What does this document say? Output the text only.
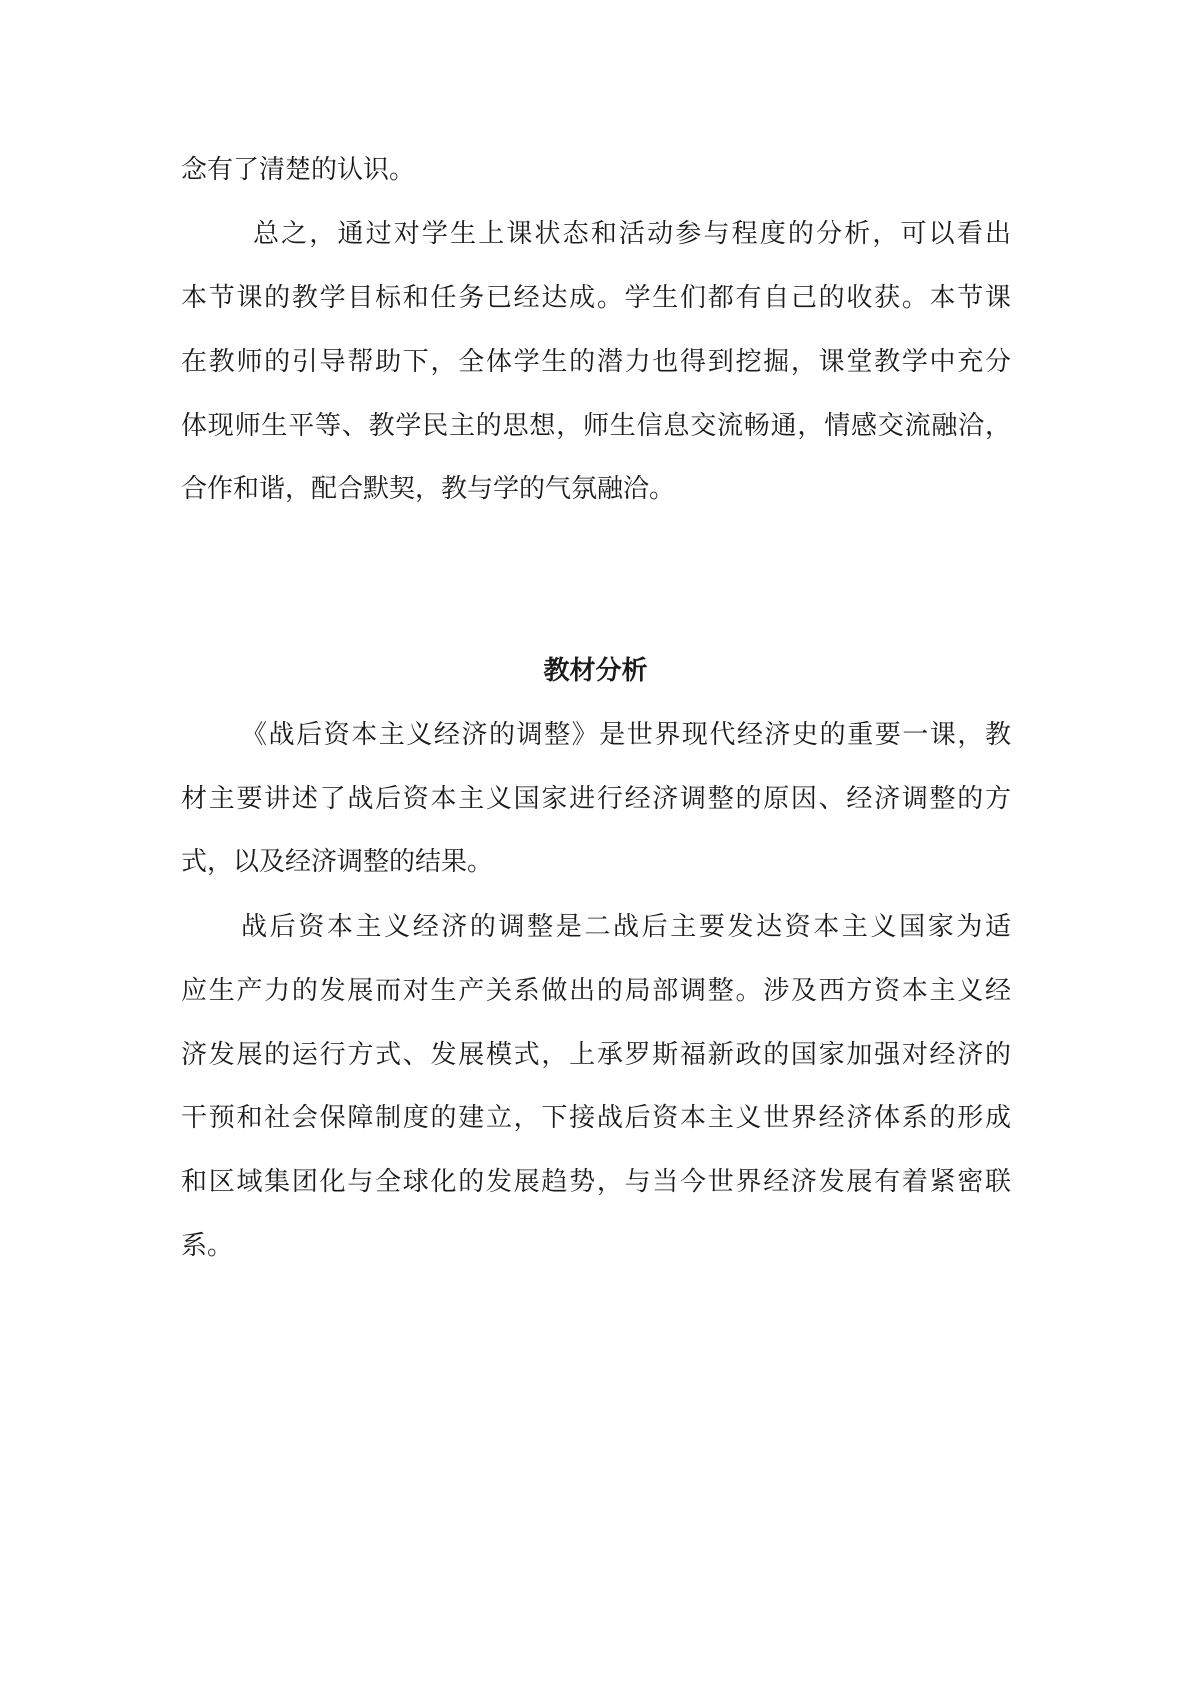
念有了清楚的认识。

总之，通过对学生上课状态和活动参与程度的分析，可以看出

本节课的教学目标和任务已经达成。学生们都有自己的收获。本节课

在教师的引导帮助下，全体学生的潜力也得到挖掘，课堂教学中充分

体现师生平等、教学民主的思想，师生信息交流畅通，情感交流融洽，

合作和谐，配合默契，教与学的气氛融洽。

教材分析

《战后资本主义经济的调整》是世界现代经济史的重要一课，教

材主要讲述了战后资本主义国家进行经济调整的原因、经济调整的方

式，以及经济调整的结果。

战后资本主义经济的调整是二战后主要发达资本主义国家为适

应生产力的发展而对生产关系做出的局部调整。涉及西方资本主义经

济发展的运行方式、发展模式，上承罗斯福新政的国家加强对经济的

干预和社会保障制度的建立，下接战后资本主义世界经济体系的形成

和区域集团化与全球化的发展趋势，与当今世界经济发展有着紧密联

系。
